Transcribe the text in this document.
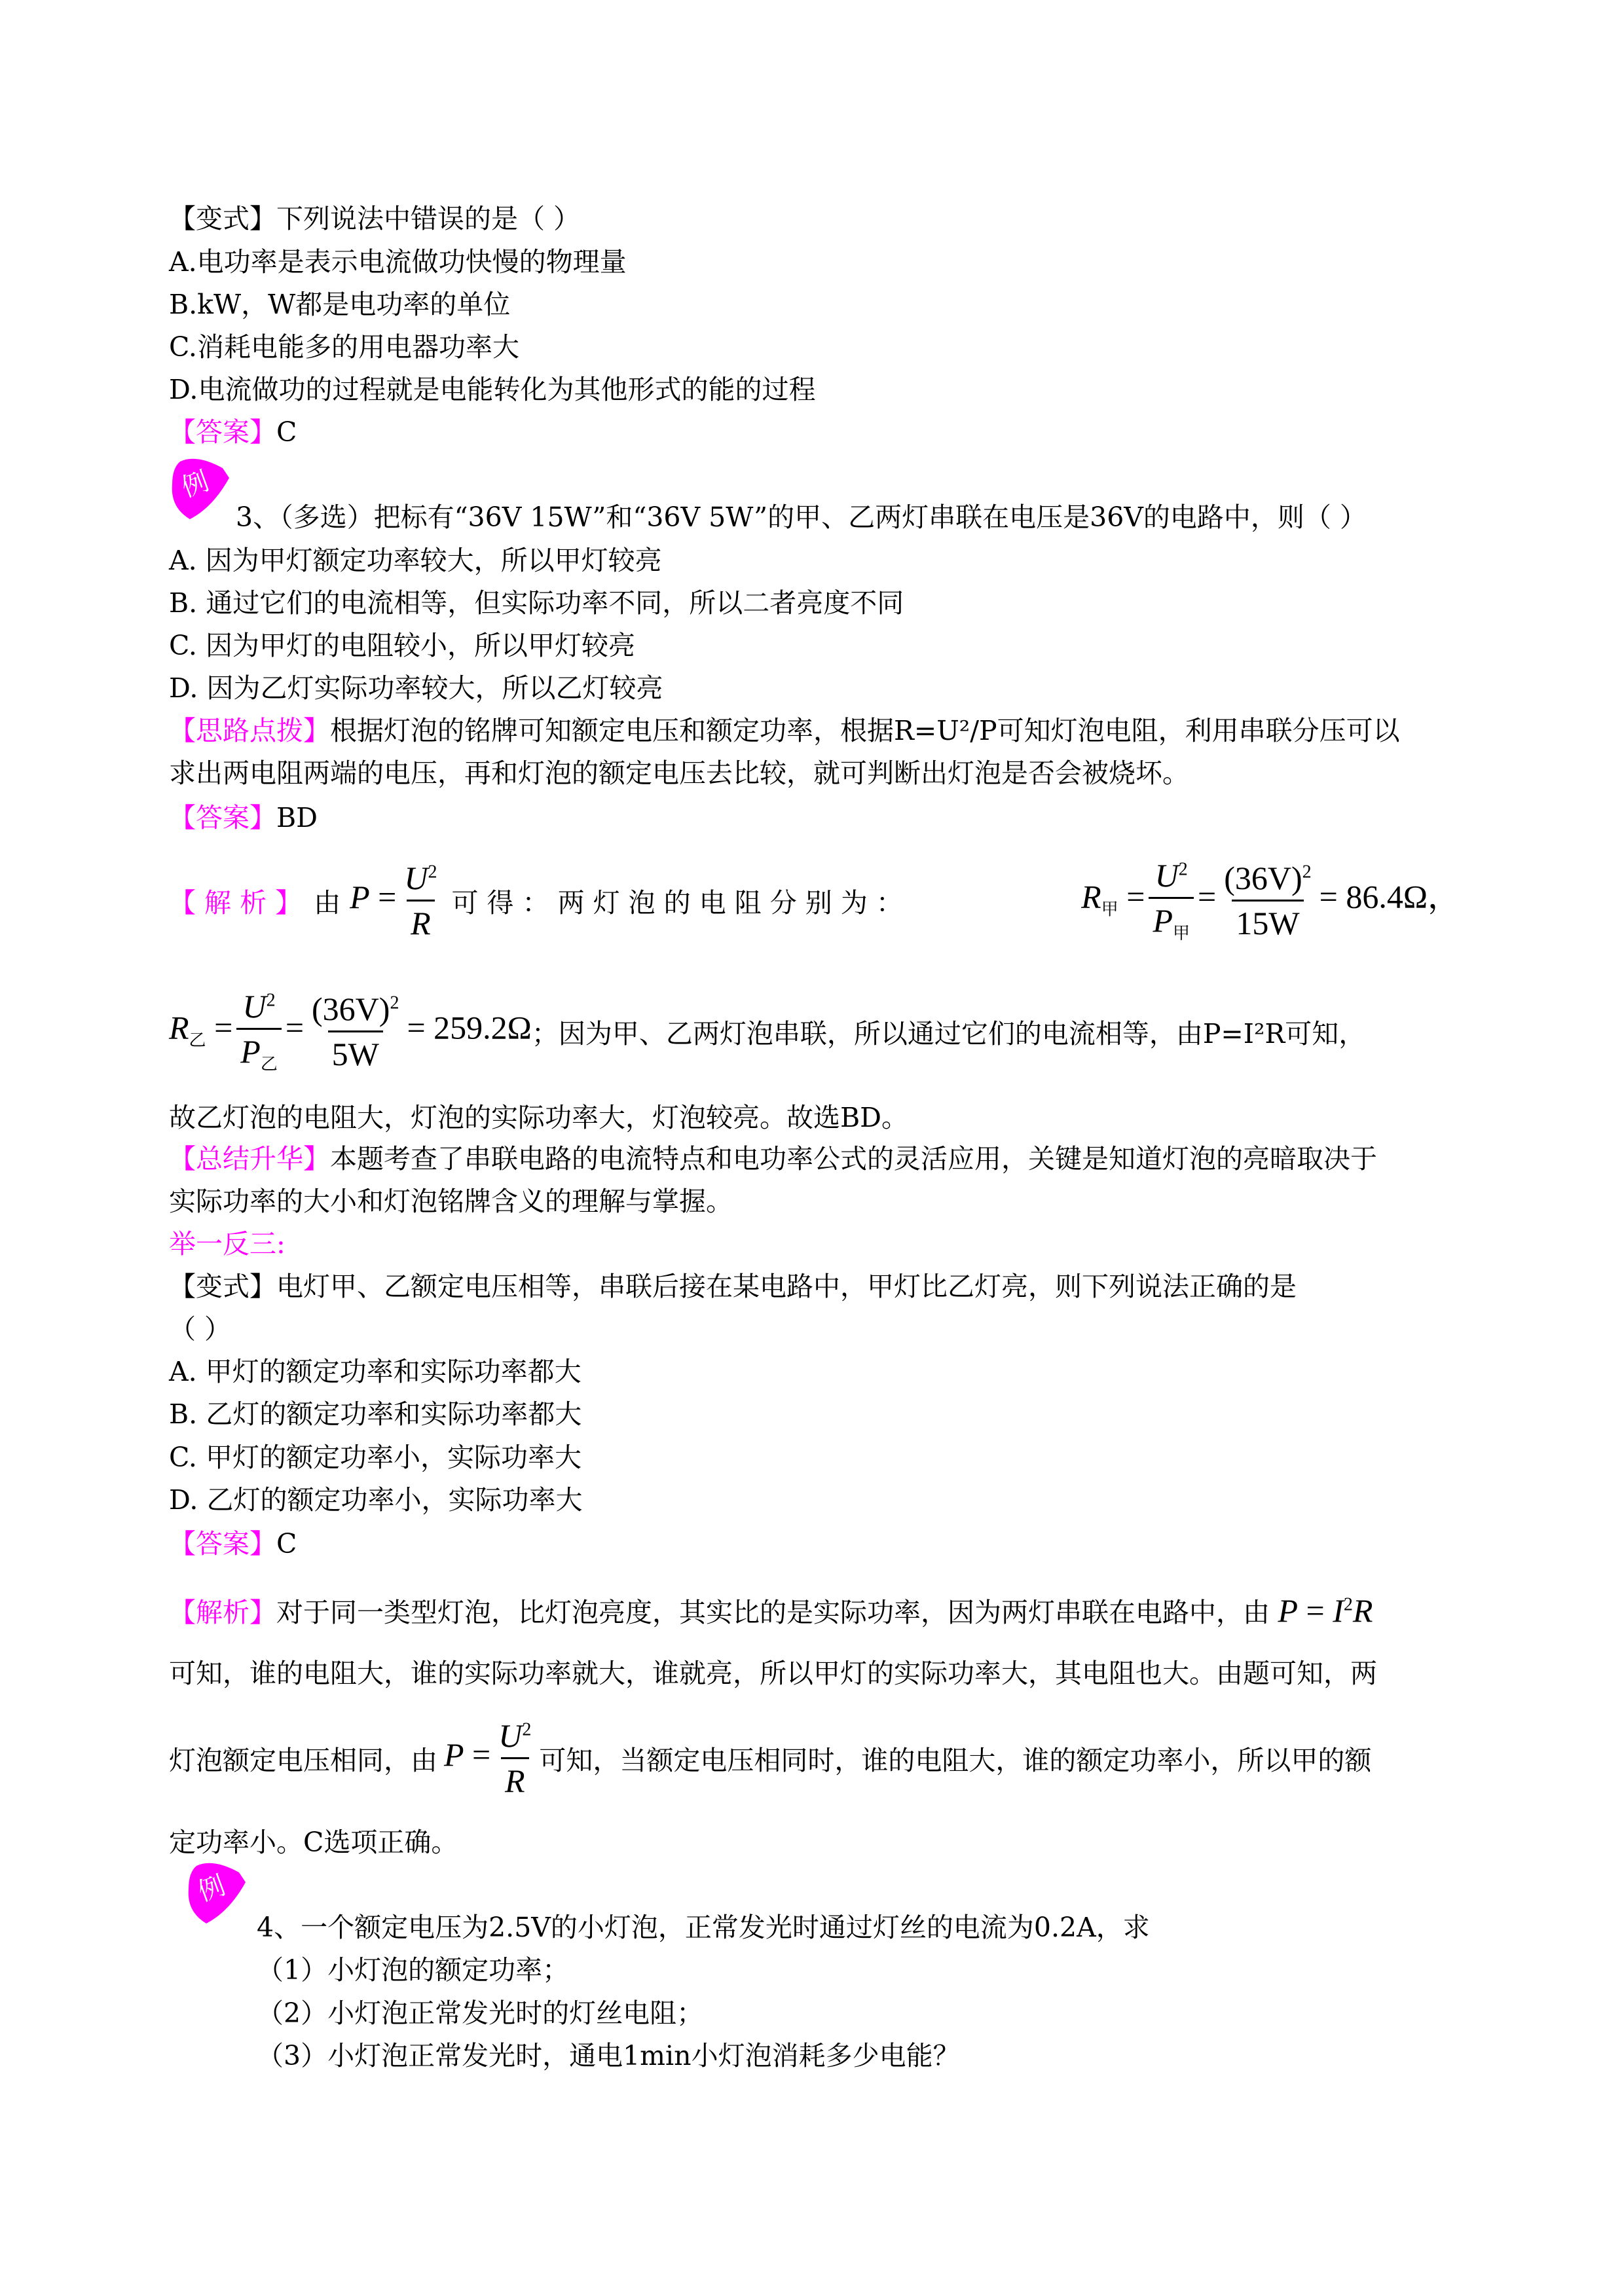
【变式】下列说法中错误的是（ ）
A.电功率是表示电流做功快慢的物理量
B.kW，W都是电功率的单位
C.消耗电能多的用电器功率大
D.电流做功的过程就是电能转化为其他形式的能的过程
【答案】C
例
3、（多选）把标有“36V 15W”和“36V 5W”的甲、乙两灯串联在电压是36V的电路中，则（ ）
A. 因为甲灯额定功率较大，所以甲灯较亮
B. 通过它们的电流相等，但实际功率不同，所以二者亮度不同
C. 因为甲灯的电阻较小，所以甲灯较亮
D. 因为乙灯实际功率较大，所以乙灯较亮
【思路点拨】根据灯泡的铭牌可知额定电压和额定功率，根据R=U²/P可知灯泡电阻，利用串联分压可以
求出两电阻两端的电压，再和灯泡的额定电压去比较，就可判断出灯泡是否会被烧坏。
【答案】BD
【 解 析 】 由 $P = \frac{U^2}{R}$ 可 得 ： 两 灯 泡 的 电 阻 分 别 为 ：	$R_甲 = \frac{U^2}{P_甲} = \frac{(36V)^2}{15W} = 86.4\Omega$，
$R_乙 = \frac{U^2}{P_乙} = \frac{(36V)^2}{5W} = 259.2\Omega$ ；因为甲、乙两灯泡串联，所以通过它们的电流相等，由P=I²R可知，
故乙灯泡的电阻大，灯泡的实际功率大，灯泡较亮。故选BD。
【总结升华】本题考查了串联电路的电流特点和电功率公式的灵活应用，关键是知道灯泡的亮暗取决于
实际功率的大小和灯泡铭牌含义的理解与掌握。
举一反三:
【变式】电灯甲、乙额定电压相等，串联后接在某电路中，甲灯比乙灯亮，则下列说法正确的是
（ ）
A. 甲灯的额定功率和实际功率都大
B. 乙灯的额定功率和实际功率都大
C. 甲灯的额定功率小，实际功率大
D. 乙灯的额定功率小，实际功率大
【答案】C
【解析】对于同一类型灯泡，比灯泡亮度，其实比的是实际功率，因为两灯串联在电路中，由 $P = I^2R$
可知，谁的电阻大，谁的实际功率就大，谁就亮，所以甲灯的实际功率大，其电阻也大。由题可知，两
灯泡额定电压相同，由 $P = \frac{U^2}{R}$ 可知，当额定电压相同时，谁的电阻大，谁的额定功率小，所以甲的额
定功率小。C选项正确。
例
4、一个额定电压为2.5V的小灯泡，正常发光时通过灯丝的电流为0.2A，求
（1）小灯泡的额定功率；
（2）小灯泡正常发光时的灯丝电阻；
（3）小灯泡正常发光时，通电1min小灯泡消耗多少电能？
